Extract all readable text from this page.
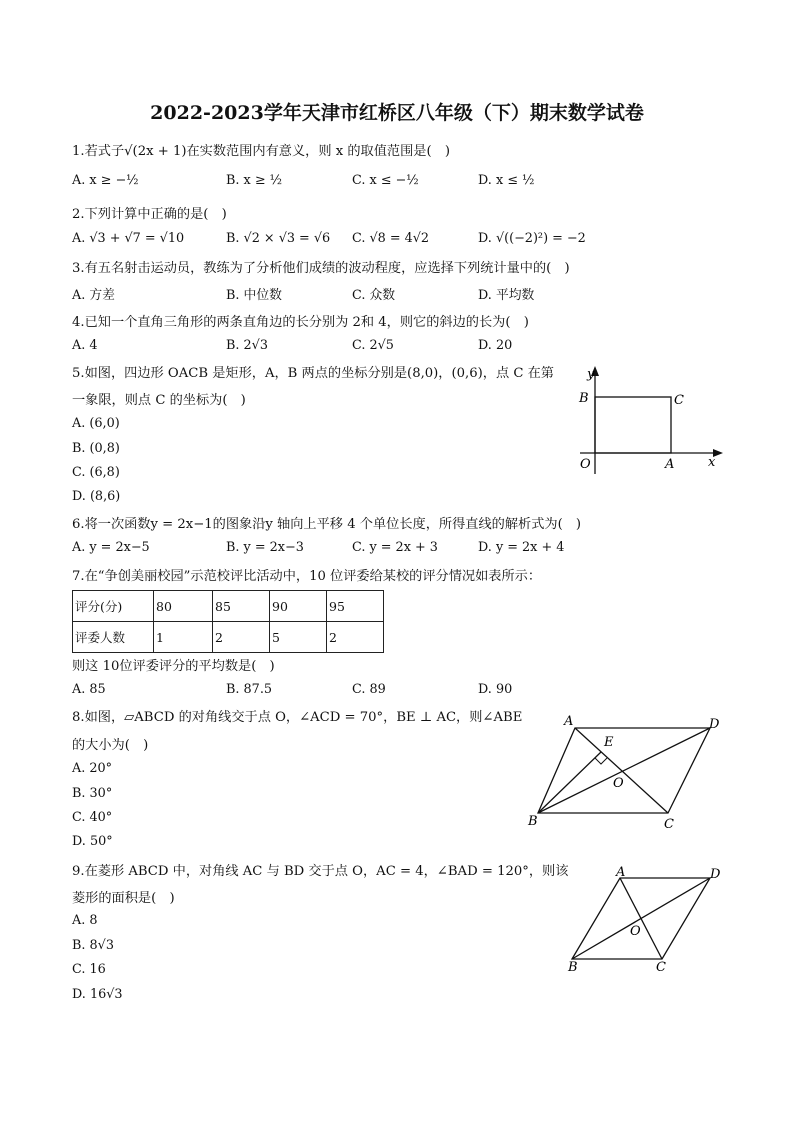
2022-2023学年天津市红桥区八年级（下）期末数学试卷
1.若式子√(2x + 1)在实数范围内有意义，则 x 的取值范围是(　)
A. x ≥ −½	B. x ≥ ½	C. x ≤ −½	D. x ≤ ½
2.下列计算中正确的是(　)
A. √3 + √7 = √10	B. √2 × √3 = √6 C. √8 = 4√2	D. √((−2)²) = −2
3.有五名射击运动员，教练为了分析他们成绩的波动程度，应选择下列统计量中的(　)
A. 方差	B. 中位数	C. 众数	D. 平均数
4.已知一个直角三角形的两条直角边的长分别为 2和 4，则它的斜边的长为(　)
A. 4	B. 2√3	C. 2√5	D. 20
5.如图，四边形 OACB 是矩形，A，B 两点的坐标分别是(8,0)，(0,6)，点 C 在第
一象限，则点 C 的坐标为(　)
A. (6,0)
B. (0,8)
C. (6,8)
D. (8,6)
y
B	C
O	A	x
6.将一次函数y = 2x−1的图象沿y 轴向上平移 4 个单位长度，所得直线的解析式为(　)
A. y = 2x−5	B. y = 2x−3	C. y = 2x + 3	D. y = 2x + 4
7.在“争创美丽校园”示范校评比活动中，10 位评委给某校的评分情况如表所示：
评分(分)	80	85	90	95
评委人数	1	2	5	2
则这 10位评委评分的平均数是(　)
A. 85	B. 87.5	C. 89	D. 90
8.如图，▱ABCD 的对角线交于点 O，∠ACD = 70°，BE ⊥ AC，则∠ABE
的大小为(　)
A. 20°
B. 30°
C. 40°
D. 50°
A	D
E
O
B	C
9.在菱形 ABCD 中，对角线 AC 与 BD 交于点 O，AC = 4，∠BAD = 120°，则该
菱形的面积是(　)
A. 8
B. 8√3
C. 16
D. 16√3
A	D
O
B	C
